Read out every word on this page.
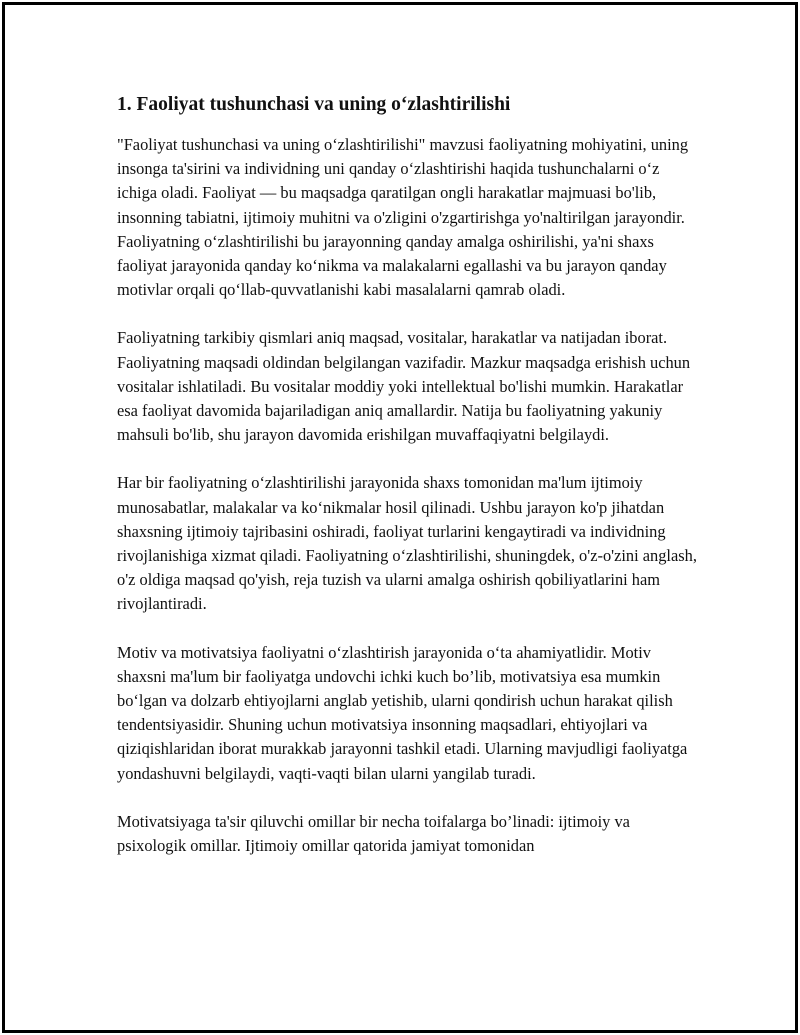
1. Faoliyat tushunchasi va uning o‘zlashtirilishi

"Faoliyat tushunchasi va uning o‘zlashtirilishi" mavzusi faoliyatning mohiyatini, uning insonga ta'sirini va individning uni qanday o‘zlashtirishi haqida tushunchalarni o‘z ichiga oladi. Faoliyat — bu maqsadga qaratilgan ongli harakatlar majmuasi bo'lib, insonning tabiatni, ijtimoiy muhitni va o'zligini o'zgartirishga yo'naltirilgan jarayondir. Faoliyatning o‘zlashtirilishi bu jarayonning qanday amalga oshirilishi, ya'ni shaxs faoliyat jarayonida qanday ko‘nikma va malakalarni egallashi va bu jarayon qanday motivlar orqali qo‘llab-quvvatlanishi kabi masalalarni qamrab oladi.

Faoliyatning tarkibiy qismlari aniq maqsad, vositalar, harakatlar va natijadan iborat. Faoliyatning maqsadi oldindan belgilangan vazifadir. Mazkur maqsadga erishish uchun vositalar ishlatiladi. Bu vositalar moddiy yoki intellektual bo'lishi mumkin. Harakatlar esa faoliyat davomida bajariladigan aniq amallardir. Natija bu faoliyatning yakuniy mahsuli bo'lib, shu jarayon davomida erishilgan muvaffaqiyatni belgilaydi.

Har bir faoliyatning o‘zlashtirilishi jarayonida shaxs tomonidan ma'lum ijtimoiy munosabatlar, malakalar va ko‘nikmalar hosil qilinadi. Ushbu jarayon ko'p jihatdan shaxsning ijtimoiy tajribasini oshiradi, faoliyat turlarini kengaytiradi va individning rivojlanishiga xizmat qiladi. Faoliyatning o‘zlashtirilishi, shuningdek, o'z-o'zini anglash, o'z oldiga maqsad qo'yish, reja tuzish va ularni amalga oshirish qobiliyatlarini ham rivojlantiradi.

Motiv va motivatsiya faoliyatni o‘zlashtirish jarayonida o‘ta ahamiyatlidir. Motiv shaxsni ma'lum bir faoliyatga undovchi ichki kuch bo’lib, motivatsiya esa mumkin bo‘lgan va dolzarb ehtiyojlarni anglab yetishib, ularni qondirish uchun harakat qilish tendentsiyasidir. Shuning uchun motivatsiya insonning maqsadlari, ehtiyojlari va qiziqishlaridan iborat murakkab jarayonni tashkil etadi. Ularning mavjudligi faoliyatga yondashuvni belgilaydi, vaqti-vaqti bilan ularni yangilab turadi.

Motivatsiyaga ta'sir qiluvchi omillar bir necha toifalarga bo’linadi: ijtimoiy va psixologik omillar. Ijtimoiy omillar qatorida jamiyat tomonidan
